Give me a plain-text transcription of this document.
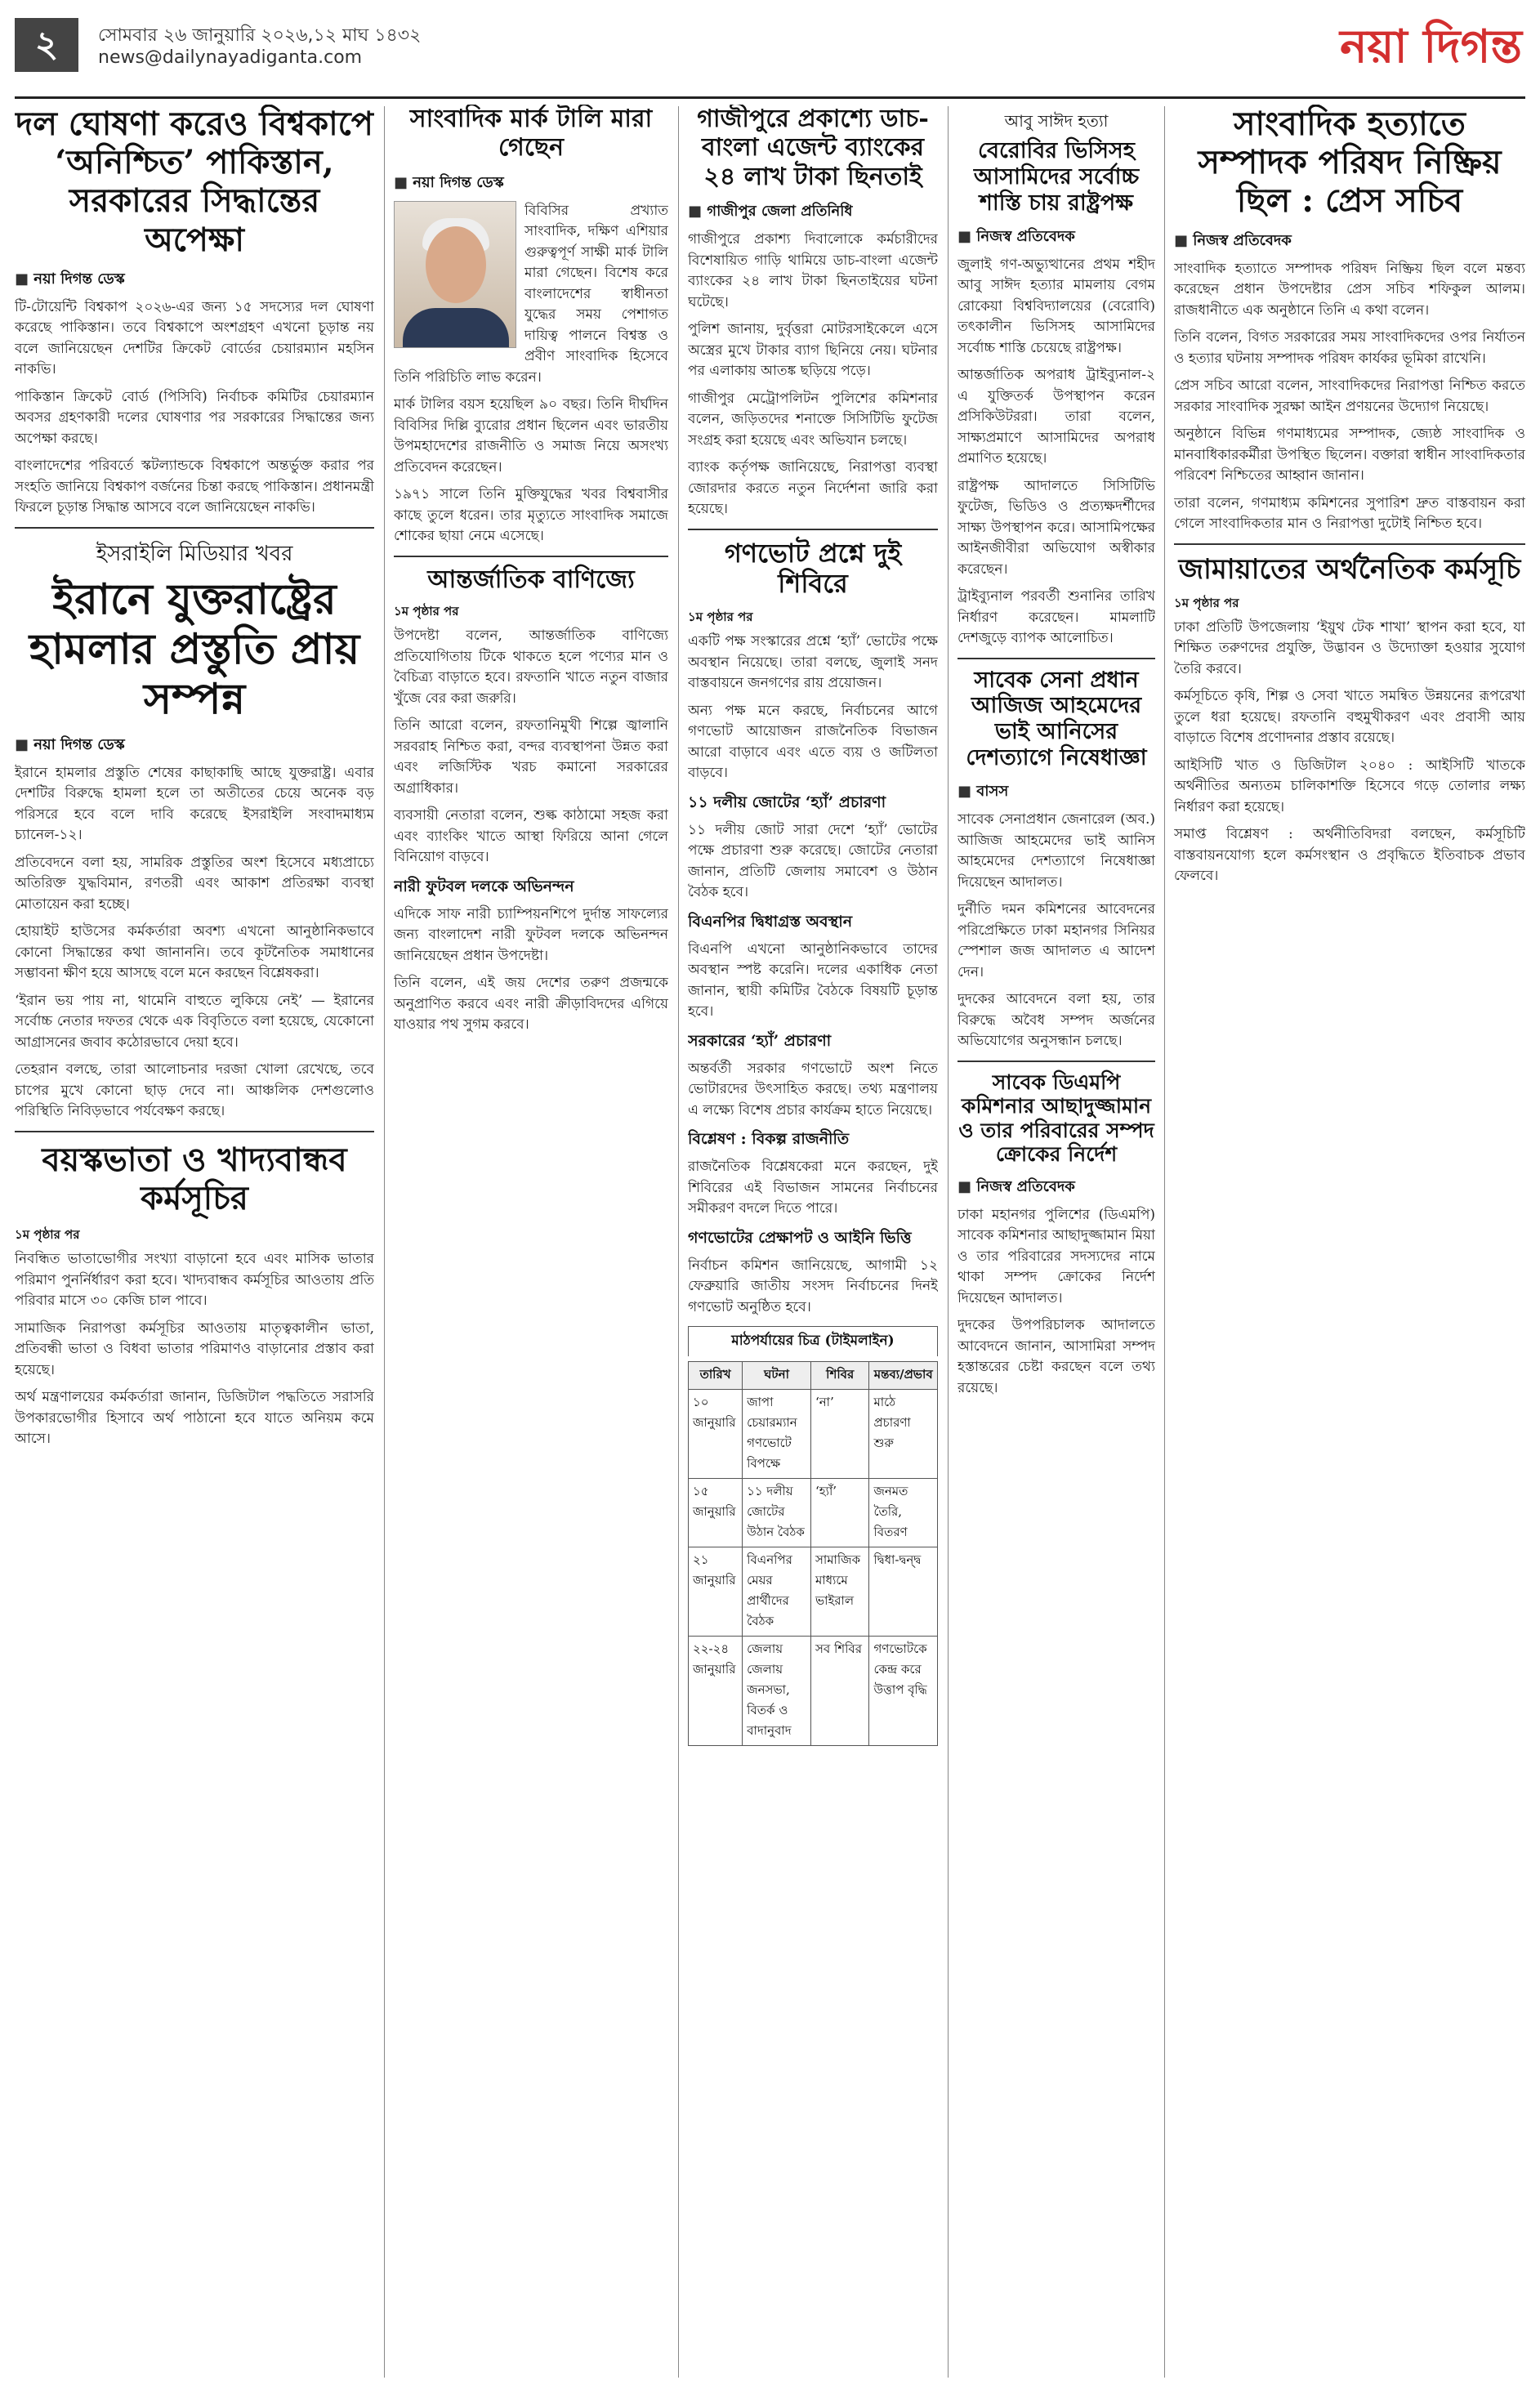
২	সোমবার ২৬ জানুয়ারি ২০২৬,১২ মাঘ ১৪৩২
news@dailynayadiganta.com	নয়া দিগন্ত
দল ঘোষণা করেও বিশ্বকাপে ‘অনিশ্চিত’ পাকিস্তান, সরকারের সিদ্ধান্তের অপেক্ষা
■ নয়া দিগন্ত ডেস্ক

টি-টোয়েন্টি বিশ্বকাপ ২০২৬-এর জন্য ১৫ সদস্যের দল ঘোষণা করেছে পাকিস্তান। তবে বিশ্বকাপে অংশগ্রহণ এখনো চূড়ান্ত নয় বলে জানিয়েছেন দেশটির ক্রিকেট বোর্ডের চেয়ারম্যান মহসিন নাকভি।

পাকিস্তান ক্রিকেট বোর্ড (পিসিবি) নির্বাচক কমিটির চেয়ারম্যান অবসর গ্রহণকারী দলের ঘোষণার পর সরকারের সিদ্ধান্তের জন্য অপেক্ষা করছে।

বাংলাদেশের পরিবর্তে স্কটল্যান্ডকে বিশ্বকাপে অন্তর্ভুক্ত করার পর সংহতি জানিয়ে বিশ্বকাপ বর্জনের চিন্তা করছে পাকিস্তান। প্রধানমন্ত্রী ফিরলে চূড়ান্ত সিদ্ধান্ত আসবে বলে জানিয়েছেন নাকভি।

ইসরাইলি মিডিয়ার খবর
ইরানে যুক্তরাষ্ট্রের হামলার প্রস্তুতি প্রায় সম্পন্ন
■ নয়া দিগন্ত ডেস্ক

ইরানে হামলার প্রস্তুতি শেষের কাছাকাছি আছে যুক্তরাষ্ট্র। এবার দেশটির বিরুদ্ধে হামলা হলে তা অতীতের চেয়ে অনেক বড় পরিসরে হবে বলে দাবি করেছে ইসরাইলি সংবাদমাধ্যম চ্যানেল-১২।

প্রতিবেদনে বলা হয়, সামরিক প্রস্তুতির অংশ হিসেবে মধ্যপ্রাচ্যে অতিরিক্ত যুদ্ধবিমান, রণতরী এবং আকাশ প্রতিরক্ষা ব্যবস্থা মোতায়েন করা হচ্ছে।

হোয়াইট হাউসের কর্মকর্তারা অবশ্য এখনো আনুষ্ঠানিকভাবে কোনো সিদ্ধান্তের কথা জানাননি। তবে কূটনৈতিক সমাধানের সম্ভাবনা ক্ষীণ হয়ে আসছে বলে মনে করছেন বিশ্লেষকরা।

‘ইরান ভয় পায় না, থামেনি বাহুতে লুকিয়ে নেই’ — ইরানের সর্বোচ্চ নেতার দফতর থেকে এক বিবৃতিতে বলা হয়েছে, যেকোনো আগ্রাসনের জবাব কঠোরভাবে দেয়া হবে।

তেহরান বলছে, তারা আলোচনার দরজা খোলা রেখেছে, তবে চাপের মুখে কোনো ছাড় দেবে না। আঞ্চলিক দেশগুলোও পরিস্থিতি নিবিড়ভাবে পর্যবেক্ষণ করছে।

বয়স্কভাতা ও খাদ্যবান্ধব কর্মসূচির
১ম পৃষ্ঠার পর

নিবন্ধিত ভাতাভোগীর সংখ্যা বাড়ানো হবে এবং মাসিক ভাতার পরিমাণ পুনর্নির্ধারণ করা হবে। খাদ্যবান্ধব কর্মসূচির আওতায় প্রতি পরিবার মাসে ৩০ কেজি চাল পাবে।

সামাজিক নিরাপত্তা কর্মসূচির আওতায় মাতৃত্বকালীন ভাতা, প্রতিবন্ধী ভাতা ও বিধবা ভাতার পরিমাণও বাড়ানোর প্রস্তাব করা হয়েছে।

অর্থ মন্ত্রণালয়ের কর্মকর্তারা জানান, ডিজিটাল পদ্ধতিতে সরাসরি উপকারভোগীর হিসাবে অর্থ পাঠানো হবে যাতে অনিয়ম কমে আসে।

সাংবাদিক মার্ক টালি মারা গেছেন
■ নয়া দিগন্ত ডেস্ক

বিবিসির প্রখ্যাত সাংবাদিক, দক্ষিণ এশিয়ার গুরুত্বপূর্ণ সাক্ষী মার্ক টালি মারা গেছেন। বিশেষ করে বাংলাদেশের স্বাধীনতা যুদ্ধের সময় পেশাগত দায়িত্ব পালনে বিশ্বস্ত ও প্রবীণ সাংবাদিক হিসেবে তিনি পরিচিতি লাভ করেন।

মার্ক টালির বয়স হয়েছিল ৯০ বছর। তিনি দীর্ঘদিন বিবিসির দিল্লি ব্যুরোর প্রধান ছিলেন এবং ভারতীয় উপমহাদেশের রাজনীতি ও সমাজ নিয়ে অসংখ্য প্রতিবেদন করেছেন।

১৯৭১ সালে তিনি মুক্তিযুদ্ধের খবর বিশ্ববাসীর কাছে তুলে ধরেন। তার মৃত্যুতে সাংবাদিক সমাজে শোকের ছায়া নেমে এসেছে।

আন্তর্জাতিক বাণিজ্যে
১ম পৃষ্ঠার পর

উপদেষ্টা বলেন, আন্তর্জাতিক বাণিজ্যে প্রতিযোগিতায় টিকে থাকতে হলে পণ্যের মান ও বৈচিত্র্য বাড়াতে হবে। রফতানি খাতে নতুন বাজার খুঁজে বের করা জরুরি।

তিনি আরো বলেন, রফতানিমুখী শিল্পে জ্বালানি সরবরাহ নিশ্চিত করা, বন্দর ব্যবস্থাপনা উন্নত করা এবং লজিস্টিক খরচ কমানো সরকারের অগ্রাধিকার।

ব্যবসায়ী নেতারা বলেন, শুল্ক কাঠামো সহজ করা এবং ব্যাংকিং খাতে আস্থা ফিরিয়ে আনা গেলে বিনিয়োগ বাড়বে।

নারী ফুটবল দলকে অভিনন্দন

এদিকে সাফ নারী চ্যাম্পিয়নশিপে দুর্দান্ত সাফল্যের জন্য বাংলাদেশ নারী ফুটবল দলকে অভিনন্দন জানিয়েছেন প্রধান উপদেষ্টা।

তিনি বলেন, এই জয় দেশের তরুণ প্রজন্মকে অনুপ্রাণিত করবে এবং নারী ক্রীড়াবিদদের এগিয়ে যাওয়ার পথ সুগম করবে।

গাজীপুরে প্রকাশ্যে ডাচ-বাংলা এজেন্ট ব্যাংকের ২৪ লাখ টাকা ছিনতাই
■ গাজীপুর জেলা প্রতিনিধি

গাজীপুরে প্রকাশ্য দিবালোকে কর্মচারীদের বিশেষায়িত গাড়ি থামিয়ে ডাচ-বাংলা এজেন্ট ব্যাংকের ২৪ লাখ টাকা ছিনতাইয়ের ঘটনা ঘটেছে।

পুলিশ জানায়, দুর্বৃত্তরা মোটরসাইকেলে এসে অস্ত্রের মুখে টাকার ব্যাগ ছিনিয়ে নেয়। ঘটনার পর এলাকায় আতঙ্ক ছড়িয়ে পড়ে।

গাজীপুর মেট্রোপলিটন পুলিশের কমিশনার বলেন, জড়িতদের শনাক্তে সিসিটিভি ফুটেজ সংগ্রহ করা হয়েছে এবং অভিযান চলছে।

ব্যাংক কর্তৃপক্ষ জানিয়েছে, নিরাপত্তা ব্যবস্থা জোরদার করতে নতুন নির্দেশনা জারি করা হয়েছে।

গণভোট প্রশ্নে দুই শিবিরে
১ম পৃষ্ঠার পর

একটি পক্ষ সংস্কারের প্রশ্নে ‘হ্যাঁ’ ভোটের পক্ষে অবস্থান নিয়েছে। তারা বলছে, জুলাই সনদ বাস্তবায়নে জনগণের রায় প্রয়োজন।

অন্য পক্ষ মনে করছে, নির্বাচনের আগে গণভোট আয়োজন রাজনৈতিক বিভাজন আরো বাড়াবে এবং এতে ব্যয় ও জটিলতা বাড়বে।

১১ দলীয় জোটের ‘হ্যাঁ’ প্রচারণা

১১ দলীয় জোট সারা দেশে ‘হ্যাঁ’ ভোটের পক্ষে প্রচারণা শুরু করেছে। জোটের নেতারা জানান, প্রতিটি জেলায় সমাবেশ ও উঠান বৈঠক হবে।

বিএনপির দ্বিধাগ্রস্ত অবস্থান

বিএনপি এখনো আনুষ্ঠানিকভাবে তাদের অবস্থান স্পষ্ট করেনি। দলের একাধিক নেতা জানান, স্থায়ী কমিটির বৈঠকে বিষয়টি চূড়ান্ত হবে।

সরকারের ‘হ্যাঁ’ প্রচারণা

অন্তর্বর্তী সরকার গণভোটে অংশ নিতে ভোটারদের উৎসাহিত করছে। তথ্য মন্ত্রণালয় এ লক্ষ্যে বিশেষ প্রচার কার্যক্রম হাতে নিয়েছে।

বিশ্লেষণ : বিকল্প রাজনীতি

রাজনৈতিক বিশ্লেষকেরা মনে করছেন, দুই শিবিরের এই বিভাজন সামনের নির্বাচনের সমীকরণ বদলে দিতে পারে।

গণভোটের প্রেক্ষাপট ও আইনি ভিত্তি

নির্বাচন কমিশন জানিয়েছে, আগামী ১২ ফেব্রুয়ারি জাতীয় সংসদ নির্বাচনের দিনই গণভোট অনুষ্ঠিত হবে।

মাঠপর্যায়ের চিত্র (টাইমলাইন)
তারিখ	ঘটনা	শিবির	মন্তব্য/প্রভাব
১০ জানুয়ারি	জাপা চেয়ারম্যান গণভোটে বিপক্ষে	‘না’	মাঠে প্রচারণা শুরু
১৫ জানুয়ারি	১১ দলীয় জোটের উঠান বৈঠক	‘হ্যাঁ’	জনমত তৈরি, বিতরণ
২১ জানুয়ারি	বিএনপির মেয়র প্রার্থীদের বৈঠক	সামাজিক মাধ্যমে ভাইরাল	দ্বিধা-দ্বন্দ্ব
২২-২৪ জানুয়ারি	জেলায় জেলায় জনসভা, বিতর্ক ও বাদানুবাদ	সব শিবির	গণভোটকে কেন্দ্র করে উত্তাপ বৃদ্ধি
আবু সাঈদ হত্যা
বেরোবির ভিসিসহ আসামিদের সর্বোচ্চ শাস্তি চায় রাষ্ট্রপক্ষ
■ নিজস্ব প্রতিবেদক

জুলাই গণ-অভ্যুত্থানের প্রথম শহীদ আবু সাঈদ হত্যার মামলায় বেগম রোকেয়া বিশ্ববিদ্যালয়ের (বেরোবি) তৎকালীন ভিসিসহ আসামিদের সর্বোচ্চ শাস্তি চেয়েছে রাষ্ট্রপক্ষ।

আন্তর্জাতিক অপরাধ ট্রাইব্যুনাল-২ এ যুক্তিতর্ক উপস্থাপন করেন প্রসিকিউটররা। তারা বলেন, সাক্ষ্যপ্রমাণে আসামিদের অপরাধ প্রমাণিত হয়েছে।

রাষ্ট্রপক্ষ আদালতে সিসিটিভি ফুটেজ, ভিডিও ও প্রত্যক্ষদর্শীদের সাক্ষ্য উপস্থাপন করে। আসামিপক্ষের আইনজীবীরা অভিযোগ অস্বীকার করেছেন।

ট্রাইব্যুনাল পরবর্তী শুনানির তারিখ নির্ধারণ করেছেন। মামলাটি দেশজুড়ে ব্যাপক আলোচিত।

সাবেক সেনা প্রধান আজিজ আহমেদের ভাই আনিসের দেশত্যাগে নিষেধাজ্ঞা
■ বাসস

সাবেক সেনাপ্রধান জেনারেল (অব.) আজিজ আহমেদের ভাই আনিস আহমেদের দেশত্যাগে নিষেধাজ্ঞা দিয়েছেন আদালত।

দুর্নীতি দমন কমিশনের আবেদনের পরিপ্রেক্ষিতে ঢাকা মহানগর সিনিয়র স্পেশাল জজ আদালত এ আদেশ দেন।

দুদকের আবেদনে বলা হয়, তার বিরুদ্ধে অবৈধ সম্পদ অর্জনের অভিযোগের অনুসন্ধান চলছে।

সাবেক ডিএমপি কমিশনার আছাদুজ্জামান ও তার পরিবারের সম্পদ ক্রোকের নির্দেশ
■ নিজস্ব প্রতিবেদক

ঢাকা মহানগর পুলিশের (ডিএমপি) সাবেক কমিশনার আছাদুজ্জামান মিয়া ও তার পরিবারের সদস্যদের নামে থাকা সম্পদ ক্রোকের নির্দেশ দিয়েছেন আদালত।

দুদকের উপপরিচালক আদালতে আবেদনে জানান, আসামিরা সম্পদ হস্তান্তরের চেষ্টা করছেন বলে তথ্য রয়েছে।

সাংবাদিক হত্যাতে সম্পাদক পরিষদ নিষ্ক্রিয় ছিল : প্রেস সচিব
■ নিজস্ব প্রতিবেদক

সাংবাদিক হত্যাতে সম্পাদক পরিষদ নিষ্ক্রিয় ছিল বলে মন্তব্য করেছেন প্রধান উপদেষ্টার প্রেস সচিব শফিকুল আলম। রাজধানীতে এক অনুষ্ঠানে তিনি এ কথা বলেন।

তিনি বলেন, বিগত সরকারের সময় সাংবাদিকদের ওপর নির্যাতন ও হত্যার ঘটনায় সম্পাদক পরিষদ কার্যকর ভূমিকা রাখেনি।

প্রেস সচিব আরো বলেন, সাংবাদিকদের নিরাপত্তা নিশ্চিত করতে সরকার সাংবাদিক সুরক্ষা আইন প্রণয়নের উদ্যোগ নিয়েছে।

অনুষ্ঠানে বিভিন্ন গণমাধ্যমের সম্পাদক, জ্যেষ্ঠ সাংবাদিক ও মানবাধিকারকর্মীরা উপস্থিত ছিলেন। বক্তারা স্বাধীন সাংবাদিকতার পরিবেশ নিশ্চিতের আহ্বান জানান।

তারা বলেন, গণমাধ্যম কমিশনের সুপারিশ দ্রুত বাস্তবায়ন করা গেলে সাংবাদিকতার মান ও নিরাপত্তা দুটোই নিশ্চিত হবে।

জামায়াতের অর্থনৈতিক কর্মসূচি
১ম পৃষ্ঠার পর

ঢাকা প্রতিটি উপজেলায় ‘ইয়ুথ টেক শাখা’ স্থাপন করা হবে, যা শিক্ষিত তরুণদের প্রযুক্তি, উদ্ভাবন ও উদ্যোক্তা হওয়ার সুযোগ তৈরি করবে।

কর্মসূচিতে কৃষি, শিল্প ও সেবা খাতে সমন্বিত উন্নয়নের রূপরেখা তুলে ধরা হয়েছে। রফতানি বহুমুখীকরণ এবং প্রবাসী আয় বাড়াতে বিশেষ প্রণোদনার প্রস্তাব রয়েছে।

আইসিটি খাত ও ডিজিটাল ২০৪০ : আইসিটি খাতকে অর্থনীতির অন্যতম চালিকাশক্তি হিসেবে গড়ে তোলার লক্ষ্য নির্ধারণ করা হয়েছে।

সমাপ্ত বিশ্লেষণ : অর্থনীতিবিদরা বলছেন, কর্মসূচিটি বাস্তবায়নযোগ্য হলে কর্মসংস্থান ও প্রবৃদ্ধিতে ইতিবাচক প্রভাব ফেলবে।
